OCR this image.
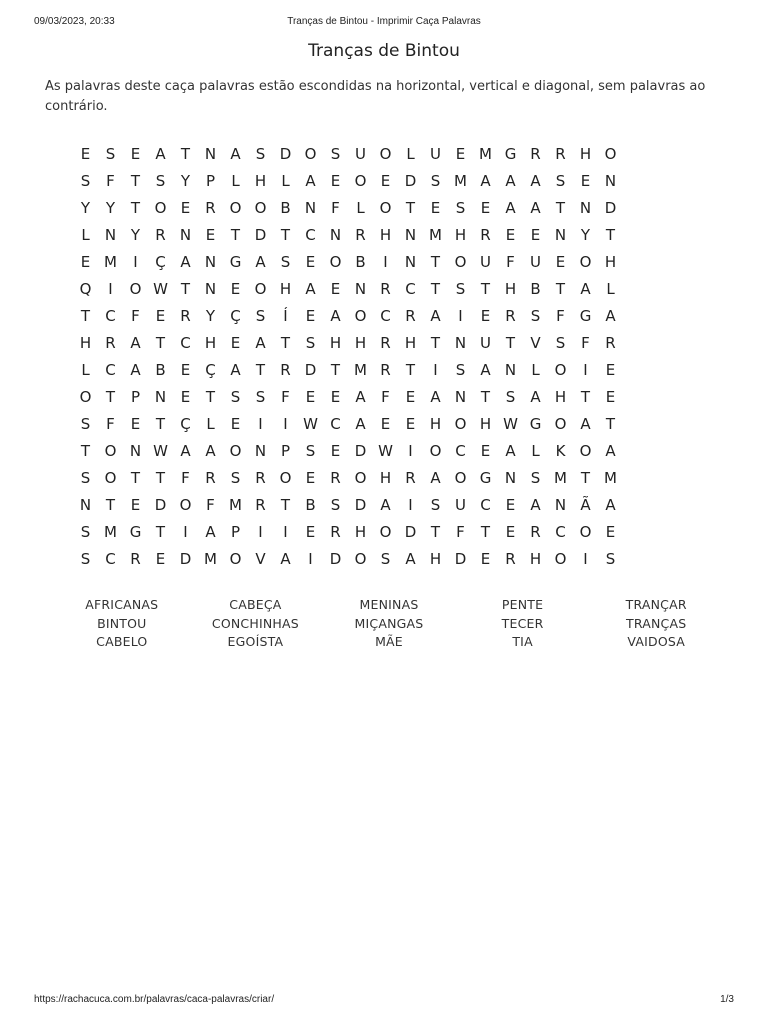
09/03/2023, 20:33	Tranças de Bintou - Imprimir Caça Palavras
Tranças de Bintou
As palavras deste caça palavras estão escondidas na horizontal, vertical e diagonal, sem palavras ao contrário.
E	S	E	A	T N A	S D O S U O L	U E M G R R H O
S	F	T	S	Y	P	L	H	L	A	E O E D S M A A A	S	E N
Y	Y	T O E	R O O B N	F	L O T	E	S	E	A A	T N D
L	N Y	R N E	T D T	C N R H N M H R	E	E N Y	T
E M	I	Ç A N G A	S	E O B	I	N T O U	F	U E O H
Q	I	O W T N E O H A	E N R C	T	S	T H B	T	A	L
T	C	F	E	R	Y	Ç	S	Í	E	A O C R A	I	E	R	S	F G A
H R A	T	C H E	A	T	S H H R H T N U T	V	S	F	R
L	C A B	E	Ç A	T	R D T M R	T	I	S	A N	L O	I	E
O T	P N E	T	S	S	F	E	E	A	F	E	A N T	S	A H T	E
S	F	E	T	Ç	L	E	I	I	W C A	E	E H O H W G O A	T
T O N W A A O N P	S	E D W	I	O C	E	A	L	K O A
S O T	T	F	R	S	R O E	R O H R A O G N S M T M
N T	E D O F M R	T	B	S D A	I	S U C	E	A N Ã A
S M G T	I	A	P	I	I	E	R H O D T	F	T	E	R C O E
S C R	E D M O V A	I	D O S	A H D E	R H O	I	S
AFRICANAS	CABEÇA	MENINAS	PENTE	TRANÇAR
BINTOU	CONCHINHAS	MIÇANGAS	TECER	TRANÇAS
CABELO	EGOÍSTA	MÃE	TIA	VAIDOSA
https://rachacuca.com.br/palavras/caca-palavras/criar/	1/3
